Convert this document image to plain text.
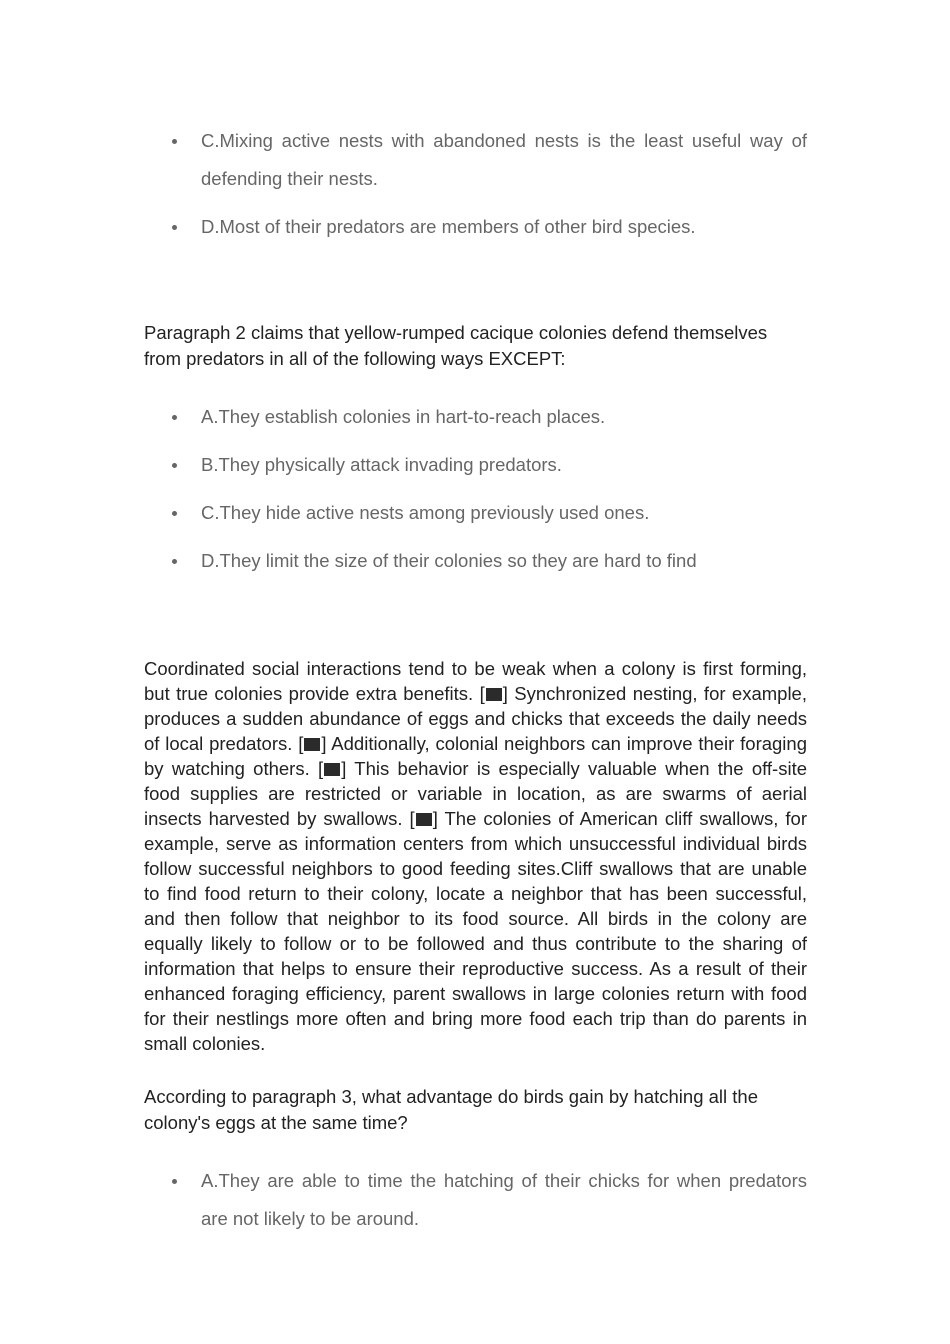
C.Mixing active nests with abandoned nests is the least useful way of defending their nests.
D.Most of their predators are members of other bird species.

Paragraph 2 claims that yellow-rumped cacique colonies defend themselves from predators in all of the following ways EXCEPT:

A.They establish colonies in hart-to-reach places.
B.They physically attack invading predators.
C.They hide active nests among previously used ones.
D.They limit the size of their colonies so they are hard to find

Coordinated social interactions tend to be weak when a colony is first forming, but true colonies provide extra benefits. [ ] Synchronized nesting, for example, produces a sudden abundance of eggs and chicks that exceeds the daily needs of local predators. [ ] Additionally, colonial neighbors can improve their foraging by watching others. [ ] This behavior is especially valuable when the off-site food supplies are restricted or variable in location, as are swarms of aerial insects harvested by swallows. [ ] The colonies of American cliff swallows, for example, serve as information centers from which unsuccessful individual birds follow successful neighbors to good feeding sites.Cliff swallows that are unable to find food return to their colony, locate a neighbor that has been successful, and then follow that neighbor to its food source. All birds in the colony are equally likely to follow or to be followed and thus contribute to the sharing of information that helps to ensure their reproductive success. As a result of their enhanced foraging efficiency, parent swallows in large colonies return with food for their nestlings more often and bring more food each trip than do parents in small colonies.

According to paragraph 3, what advantage do birds gain by hatching all the colony's eggs at the same time?

A.They are able to time the hatching of their chicks for when predators are not likely to be around.
